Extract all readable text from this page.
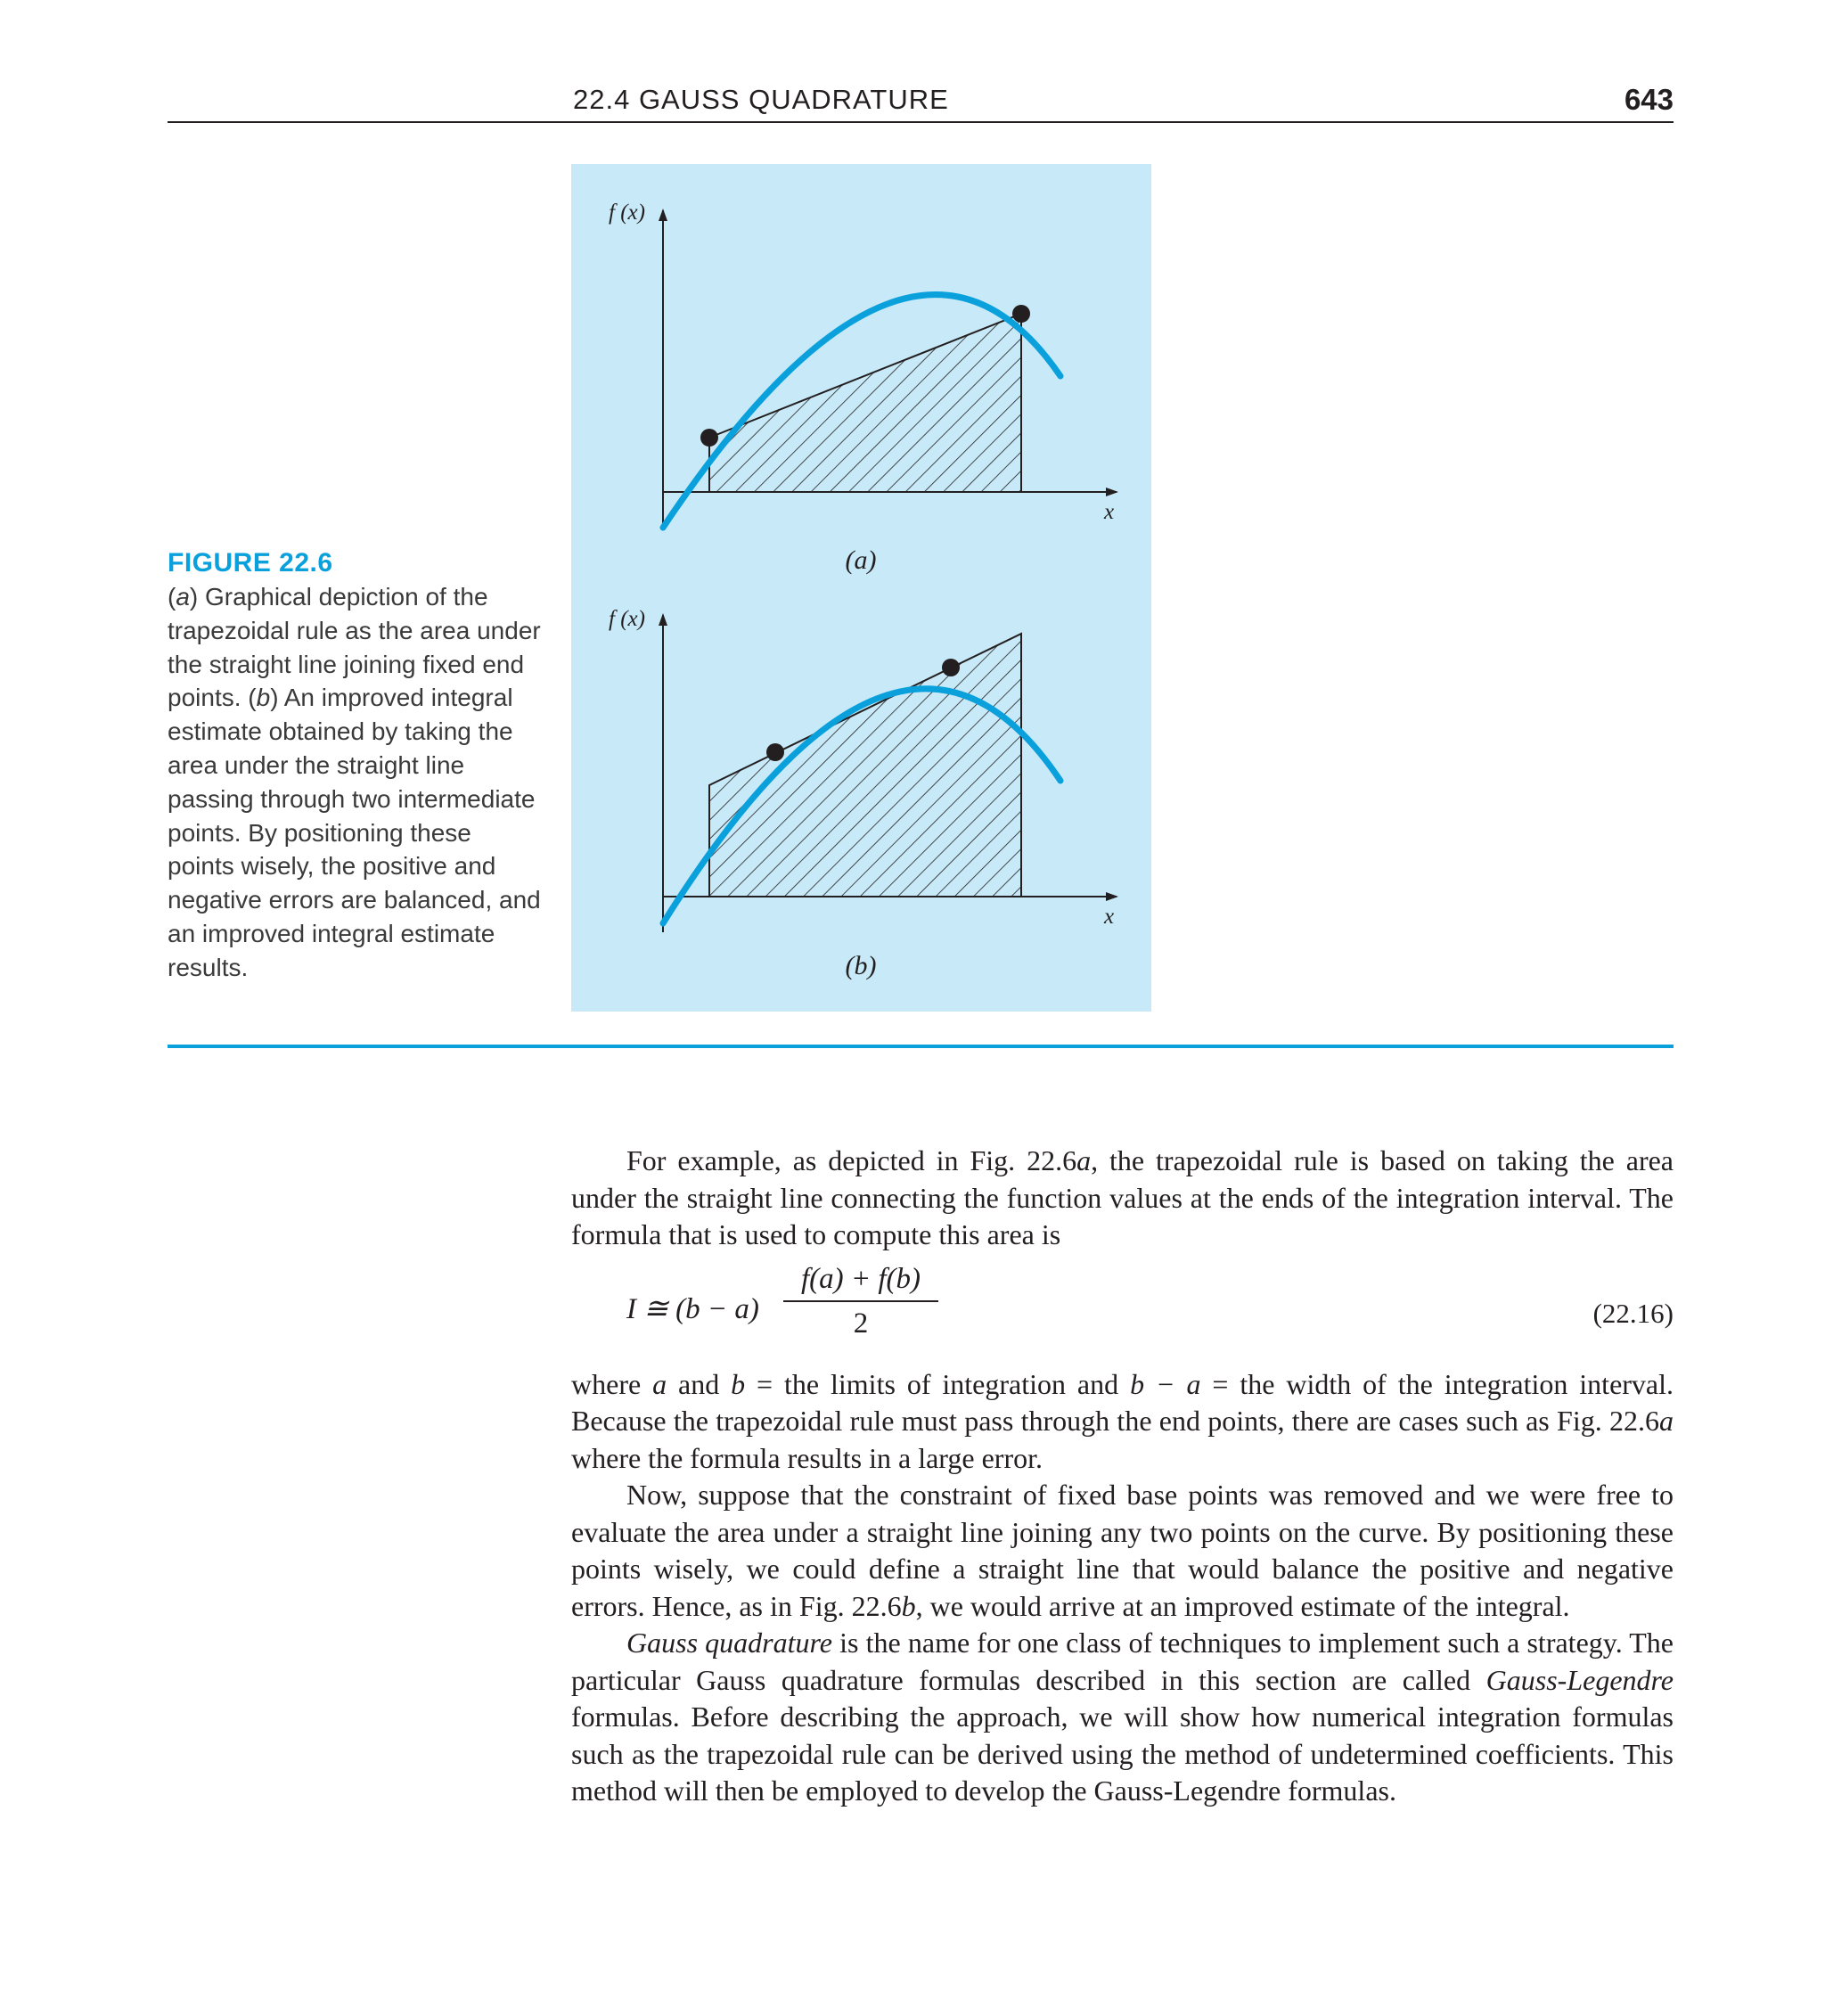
22.4 GAUSS QUADRATURE	643
FIGURE 22.6
(a) Graphical depiction of the trapezoidal rule as the area under the straight line joining fixed end points. (b) An improved integral estimate obtained by taking the area under the straight line passing through two intermediate points. By positioning these points wisely, the positive and negative errors are balanced, and an improved integral estimate results.
f (x)
x
(a)
f (x)
x
(b)

For example, as depicted in Fig. 22.6a, the trapezoidal rule is based on taking the area under the straight line connecting the function values at the ends of the integration interval. The formula that is used to compute this area is

I ≅ $(b - a) \frac{f(a) + f(b)}{2}$	(22.16)

where a and b = the limits of integration and b − a = the width of the integration interval. Because the trapezoidal rule must pass through the end points, there are cases such as Fig. 22.6a where the formula results in a large error.

Now, suppose that the constraint of fixed base points was removed and we were free to evaluate the area under a straight line joining any two points on the curve. By positioning these points wisely, we could define a straight line that would balance the positive and negative errors. Hence, as in Fig. 22.6b, we would arrive at an improved estimate of the integral.

Gauss quadrature is the name for one class of techniques to implement such a strategy. The particular Gauss quadrature formulas described in this section are called Gauss-Legendre formulas. Before describing the approach, we will show how numerical integration formulas such as the trapezoidal rule can be derived using the method of undetermined coefficients. This method will then be employed to develop the Gauss-Legendre formulas.
